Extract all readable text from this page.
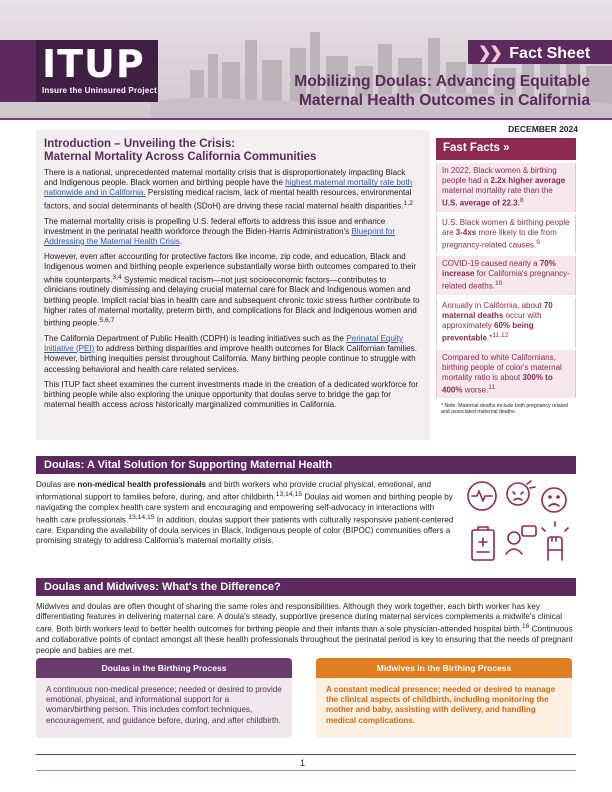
ITUP
Insure the Uninsured Project
❯❯ Fact Sheet
Mobilizing Doulas: Advancing Equitable
Maternal Health Outcomes in California
DECEMBER 2024
Introduction – Unveiling the Crisis:
Maternal Mortality Across California Communities

There is a national, unprecedented maternal mortality crisis that is disproportionately impacting Black and Indigenous people. Black women and birthing people have the highest maternal mortality rate both nationwide and in California. Persisting medical racism, lack of mental health resources, environmental factors, and social determinants of health (SDoH) are driving these racial maternal health disparities.$^{1,2}$

The maternal mortality crisis is propelling U.S. federal efforts to address this issue and enhance investment in the perinatal health workforce through the Biden-Harris Administration's Blueprint for Addressing the Maternal Health Crisis.

However, even after accounting for protective factors like income, zip code, and education, Black and Indigenous women and birthing people experience substantially worse birth outcomes compared to their white counterparts.$^{3,4}$ Systemic medical racism—not just socioeconomic factors—contributes to clinicians routinely dismissing and delaying crucial maternal care for Black and Indigenous women and birthing people. Implicit racial bias in health care and subsequent chronic toxic stress further contribute to higher rates of maternal mortality, preterm birth, and complications for Black and Indigenous women and birthing people.$^{5,6,7}$

The California Department of Public Health (CDPH) is leading initiatives such as the Perinatal Equity Initiative (PEI) to address birthing disparities and improve health outcomes for Black Californian families. However, birthing inequities persist throughout California. Many birthing people continue to struggle with accessing behavioral and health care related services.

This ITUP fact sheet examines the current investments made in the creation of a dedicated workforce for birthing people while also exploring the unique opportunity that doulas serve to bridge the gap for maternal health access across historically marginalized communities in California.

Fast Facts »
In 2022, Black women & birthing people had a 2.2x higher average maternal mortality rate than the U.S. average of 22.3.$^8$
U.S. Black women & birthing people are 3-4xs more likely to die from pregnancy-related causes.$^9$
COVID-19 caused nearly a 70% increase for California's pregnancy-related deaths.$^{10}$
Annually in California, about 70 maternal deaths occur with approximately 60% being preventable.*$^{11,12}$
Compared to white Californians, birthing people of color's maternal mortality ratio is about 300% to 400% worse.$^{11}$
* Note: Maternal deaths include both pregnancy related and associated maternal deaths.
Doulas: A Vital Solution for Supporting Maternal Health
Doulas are non-medical health professionals and birth workers who provide crucial physical, emotional, and informational support to families before, during, and after childbirth.$^{13,14,15}$ Doulas aid women and birthing people by navigating the complex health care system and encouraging and empowering self-advocacy in interactions with health care professionals.$^{13,14,15}$ In addition, doulas support their patients with culturally responsive patient-centered care. Expanding the availability of doula services in Black, Indigenous people of color (BIPOC) communities offers a promising strategy to address California's maternal mortality crisis.
Doulas and Midwives: What's the Difference?
Midwives and doulas are often thought of sharing the same roles and responsibilities. Although they work together, each birth worker has key differentiating features in delivering maternal care. A doula's steady, supportive presence during maternal services complements a midwife's clinical care. Both birth workers lead to better health outcomes for birthing people and their infants than a sole physician-attended hospital birth.$^{16}$ Continuous and collaborative points of contact amongst all these health professionals throughout the perinatal period is key to ensuring that the needs of pregnant people and babies are met.
Doulas in the Birthing Process
A continuous non-medical presence; needed or desired to provide emotional, physical, and informational support for a woman/birthing person. This includes comfort techniques, encouragement, and guidance before, during, and after childbirth.
Midwives in the Birthing Process
A constant medical presence; needed or desired to manage the clinical aspects of childbirth, including monitoring the mother and baby, assisting with delivery, and handling medical complications.
1
